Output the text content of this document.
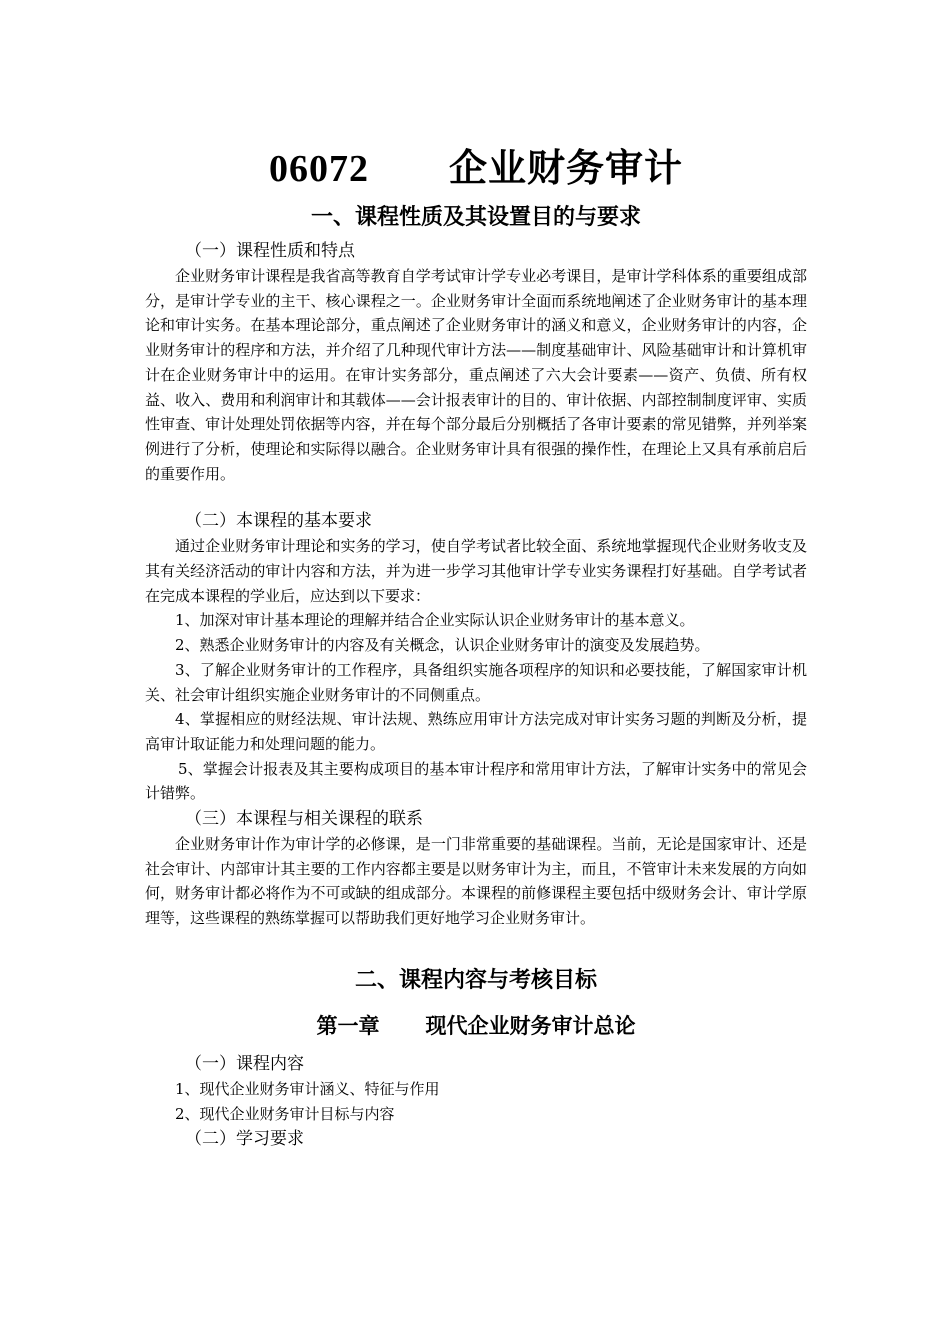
06072 企业财务审计
一、课程性质及其设置目的与要求

（一）课程性质和特点

企业财务审计课程是我省高等教育自学考试审计学专业必考课目，是审计学科体系的重要组成部分，是审计学专业的主干、核心课程之一。企业财务审计全面而系统地阐述了企业财务审计的基本理论和审计实务。在基本理论部分，重点阐述了企业财务审计的涵义和意义，企业财务审计的内容，企业财务审计的程序和方法，并介绍了几种现代审计方法——制度基础审计、风险基础审计和计算机审计在企业财务审计中的运用。在审计实务部分，重点阐述了六大会计要素——资产、负债、所有权益、收入、费用和利润审计和其载体——会计报表审计的目的、审计依据、内部控制制度评审、实质性审查、审计处理处罚依据等内容，并在每个部分最后分别概括了各审计要素的常见错弊，并列举案例进行了分析，使理论和实际得以融合。企业财务审计具有很强的操作性，在理论上又具有承前启后的重要作用。

（二）本课程的基本要求

通过企业财务审计理论和实务的学习，使自学考试者比较全面、系统地掌握现代企业财务收支及其有关经济活动的审计内容和方法，并为进一步学习其他审计学专业实务课程打好基础。自学考试者在完成本课程的学业后，应达到以下要求：

1、加深对审计基本理论的理解并结合企业实际认识企业财务审计的基本意义。

2、熟悉企业财务审计的内容及有关概念，认识企业财务审计的演变及发展趋势。

3、了解企业财务审计的工作程序，具备组织实施各项程序的知识和必要技能，了解国家审计机关、社会审计组织实施企业财务审计的不同侧重点。

4、掌握相应的财经法规、审计法规、熟练应用审计方法完成对审计实务习题的判断及分析，提高审计取证能力和处理问题的能力。

5、掌握会计报表及其主要构成项目的基本审计程序和常用审计方法，了解审计实务中的常见会计错弊。

（三）本课程与相关课程的联系

企业财务审计作为审计学的必修课，是一门非常重要的基础课程。当前，无论是国家审计、还是社会审计、内部审计其主要的工作内容都主要是以财务审计为主，而且，不管审计未来发展的方向如何，财务审计都必将作为不可或缺的组成部分。本课程的前修课程主要包括中级财务会计、审计学原理等，这些课程的熟练掌握可以帮助我们更好地学习企业财务审计。

二、课程内容与考核目标
第一章 现代企业财务审计总论

（一）课程内容

1、现代企业财务审计涵义、特征与作用

2、现代企业财务审计目标与内容

（二）学习要求
